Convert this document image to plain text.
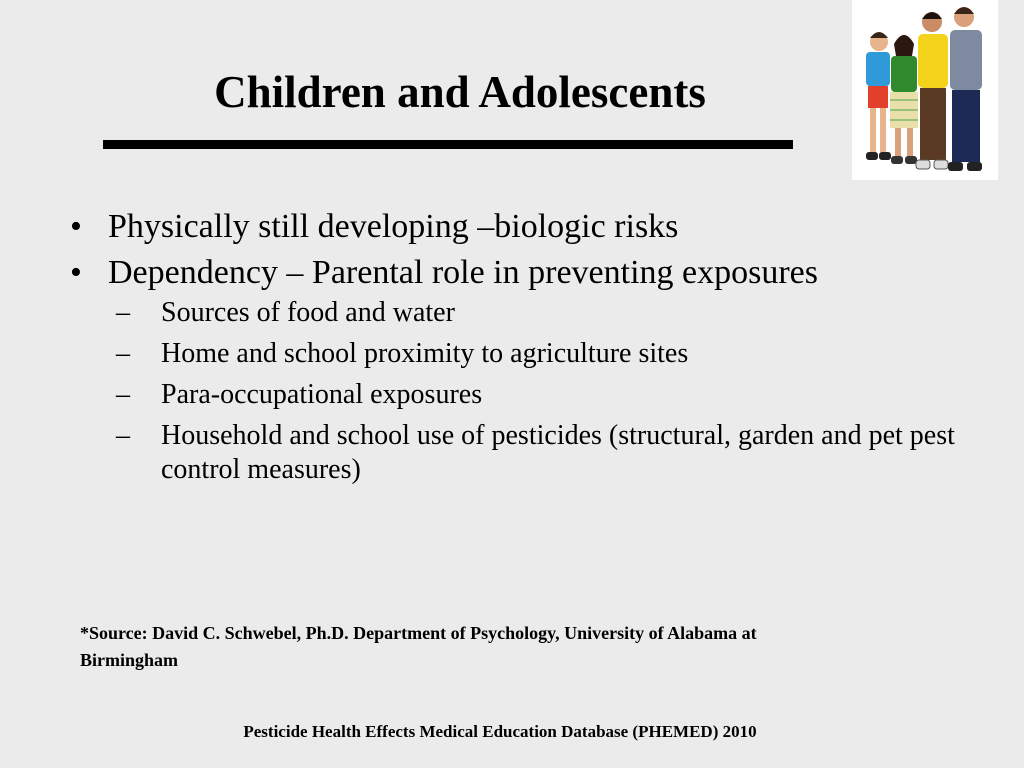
Children and Adolescents
• Physically still developing –biologic risks
• Dependency – Parental role in preventing exposures
– Sources of food and water
– Home and school proximity to agriculture sites
– Para-occupational exposures
– Household and school use of pesticides (structural, garden and pet pest control measures)
*Source: David C. Schwebel, Ph.D. Department of Psychology, University of Alabama at Birmingham
Pesticide Health Effects Medical Education Database (PHEMED) 2010
